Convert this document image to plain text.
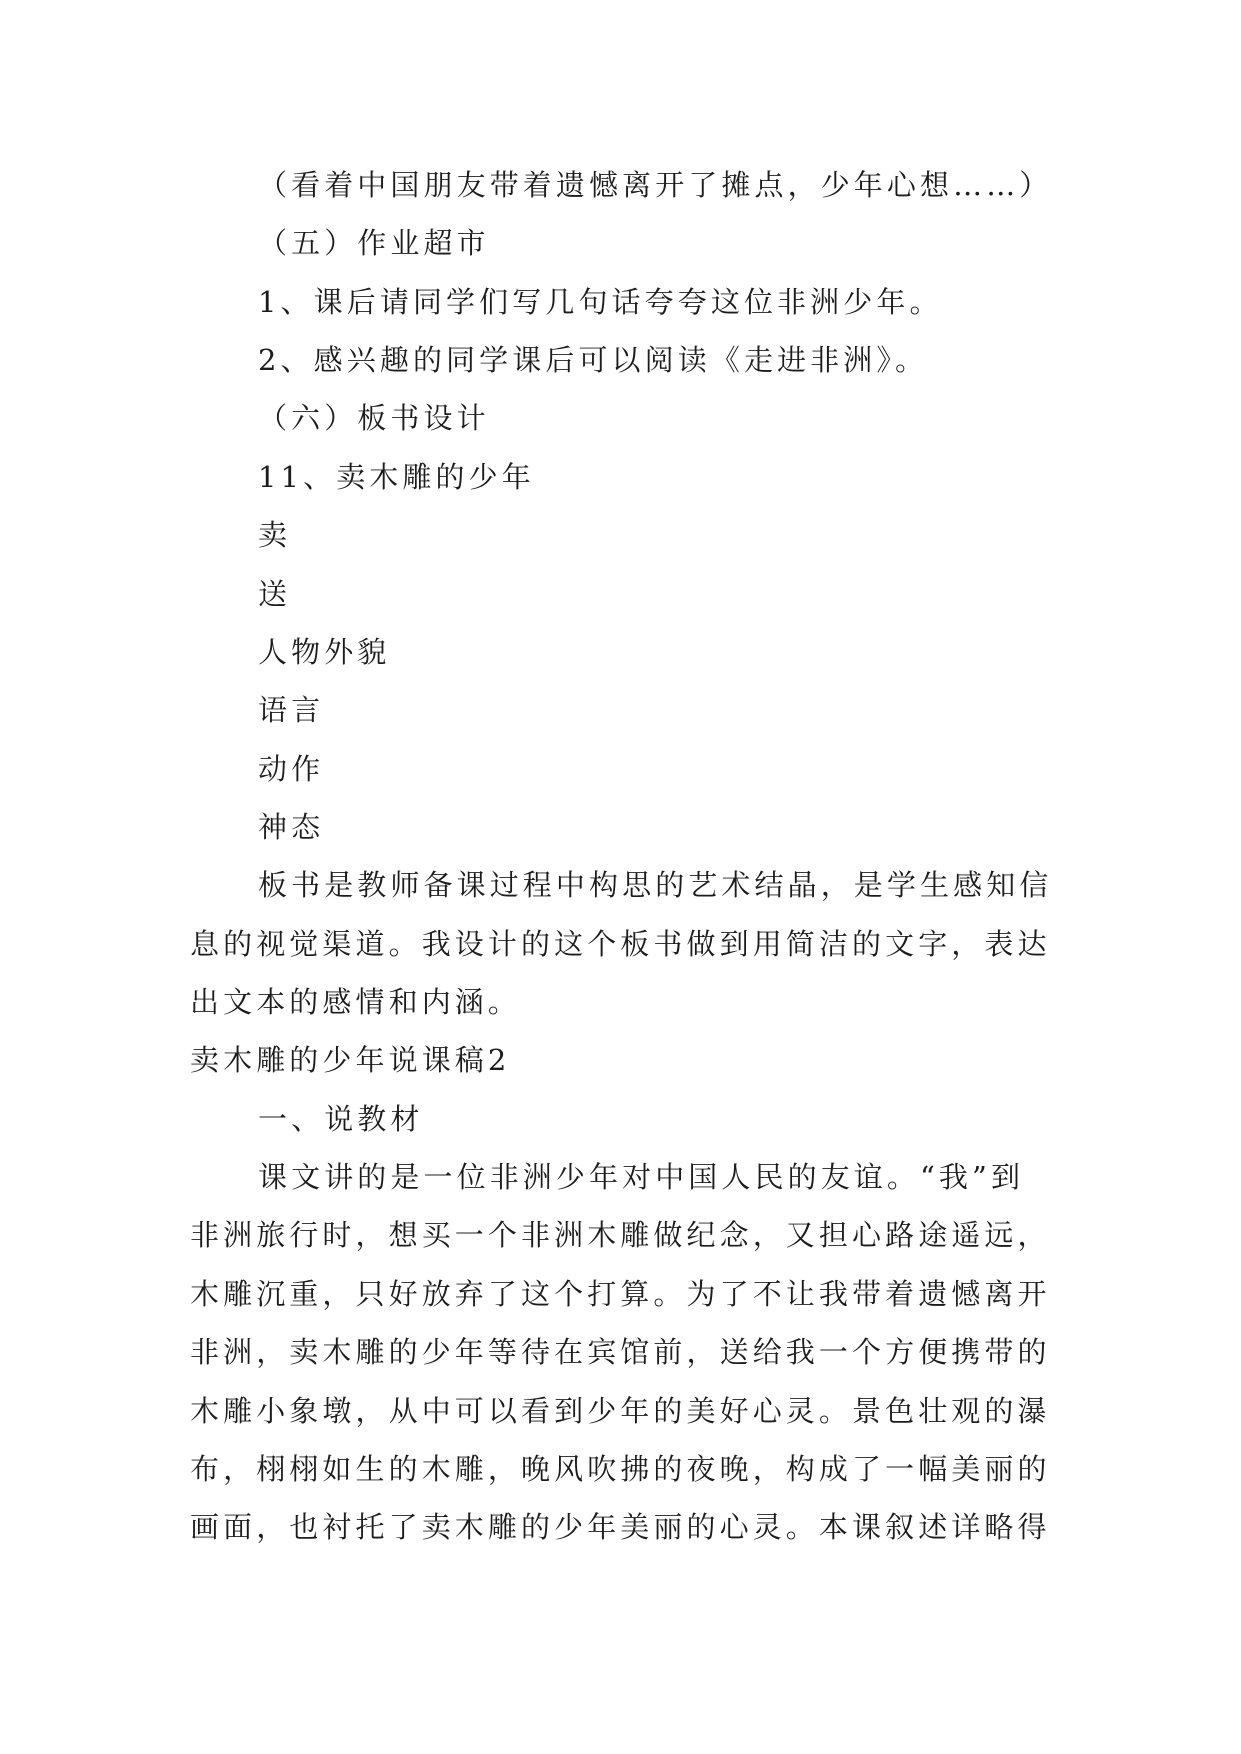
（看着中国朋友带着遗憾离开了摊点，少年心想……）
（五）作业超市
1、课后请同学们写几句话夸夸这位非洲少年。
2、感兴趣的同学课后可以阅读《走进非洲》。
（六）板书设计
11、卖木雕的少年
卖
送
人物外貌
语言
动作
神态
板书是教师备课过程中构思的艺术结晶，是学生感知信
息的视觉渠道。我设计的这个板书做到用简洁的文字，表达
出文本的感情和内涵。
卖木雕的少年说课稿2
一、说教材
课文讲的是一位非洲少年对中国人民的友谊。“我”到
非洲旅行时，想买一个非洲木雕做纪念，又担心路途遥远，
木雕沉重，只好放弃了这个打算。为了不让我带着遗憾离开
非洲，卖木雕的少年等待在宾馆前，送给我一个方便携带的
木雕小象墩，从中可以看到少年的美好心灵。景色壮观的瀑
布，栩栩如生的木雕，晚风吹拂的夜晚，构成了一幅美丽的
画面，也衬托了卖木雕的少年美丽的心灵。本课叙述详略得
